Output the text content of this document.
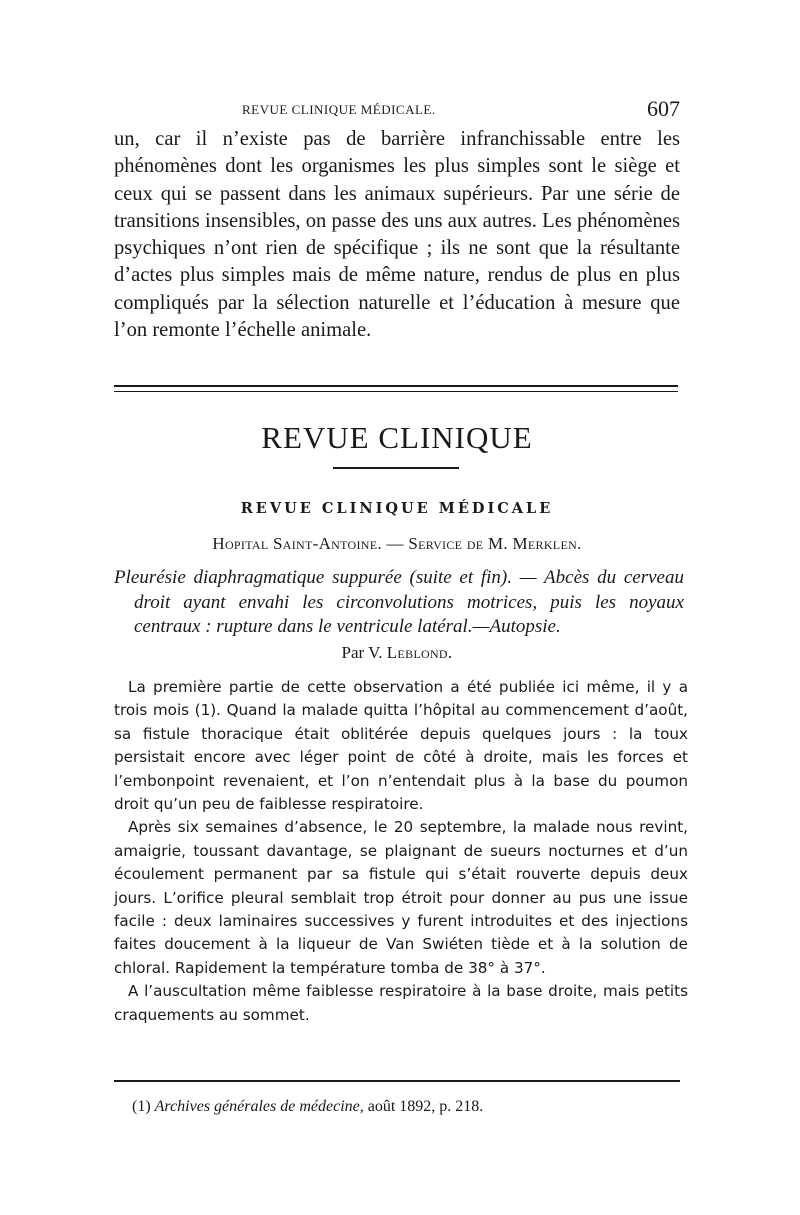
REVUE CLINIQUE MÉDICALE.	607
un, car il n’existe pas de barrière infranchissable entre les phénomènes dont les organismes les plus simples sont le siège et ceux qui se passent dans les animaux supérieurs. Par une série de transitions insensibles, on passe des uns aux autres. Les phénomènes psychiques n’ont rien de spécifique ; ils ne sont que la résultante d’actes plus simples mais de même nature, rendus de plus en plus compliqués par la sélection naturelle et l’éducation à mesure que l’on remonte l’échelle animale.
REVUE CLINIQUE
REVUE CLINIQUE MÉDICALE
Hopital Saint-Antoine. — Service de M. Merklen.
Pleurésie diaphragmatique suppurée (suite et fin). — Abcès du cerveau droit ayant envahi les circonvolutions motrices, puis les noyaux centraux : rupture dans le ventricule latéral.—Autopsie.
Par V. Leblond.

La première partie de cette observation a été publiée ici même, il y a trois mois (1). Quand la malade quitta l’hôpital au commencement d’août, sa fistule thoracique était oblitérée depuis quelques jours : la toux persistait encore avec léger point de côté à droite, mais les forces et l’embonpoint revenaient, et l’on n’entendait plus à la base du poumon droit qu’un peu de faiblesse respiratoire.

Après six semaines d’absence, le 20 septembre, la malade nous revint, amaigrie, toussant davantage, se plaignant de sueurs nocturnes et d’un écoulement permanent par sa fistule qui s’était rouverte depuis deux jours. L’orifice pleural semblait trop étroit pour donner au pus une issue facile : deux laminaires successives y furent introduites et des injections faites doucement à la liqueur de Van Swiéten tiède et à la solution de chloral. Rapidement la température tomba de 38° à 37°.

A l’auscultation même faiblesse respiratoire à la base droite, mais petits craquements au sommet.

(1) Archives générales de médecine, août 1892, p. 218.
